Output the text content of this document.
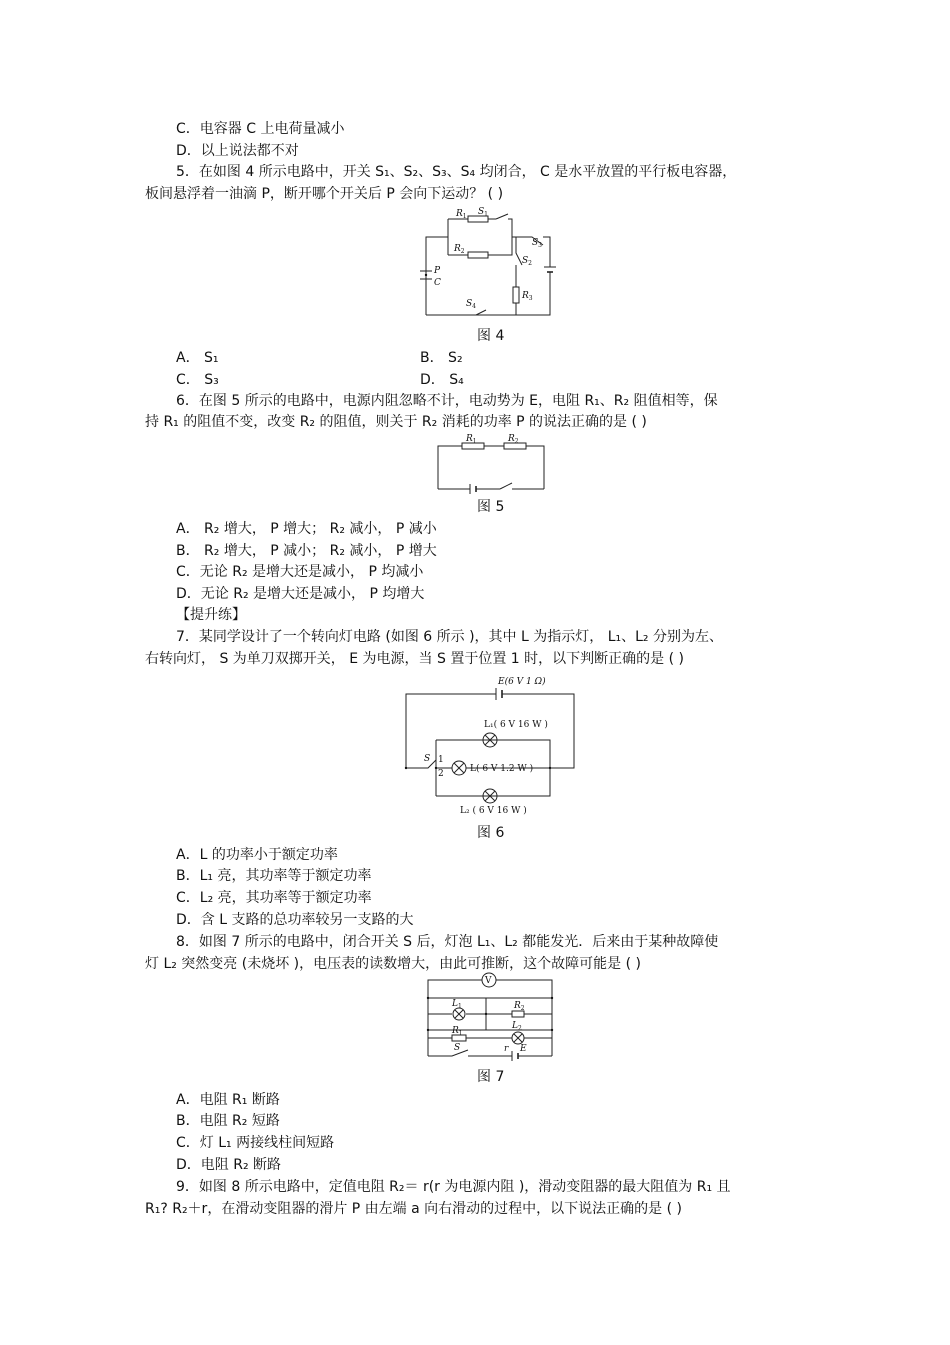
C．电容器 C 上电荷量减小
D．以上说法都不对
5．在如图 4 所示电路中，开关 S₁、S₂、S₃、S₄ 均闭合， C 是水平放置的平行板电容器，
板间悬浮着一油滴 P，断开哪个开关后 P 会向下运动？ ( )
$R_1$ $S_1$
$R_2$
$S_3$
$S_2$
$R_3$
P
C
$S_4$
图 4
A． S₁	B． S₂
C． S₃	D． S₄
6．在图 5 所示的电路中，电源内阻忽略不计，电动势为 E，电阻 R₁、R₂ 阻值相等，保
持 R₁ 的阻值不变，改变 R₂ 的阻值，则关于 R₂ 消耗的功率 P 的说法正确的是 ( )
$R_1$	$R_2$
图 5
A． R₂ 增大， P 增大； R₂ 减小， P 减小
B． R₂ 增大， P 减小； R₂ 减小， P 增大
C．无论 R₂ 是增大还是减小， P 均减小
D．无论 R₂ 是增大还是减小， P 均增大
【提升练】
7．某同学设计了一个转向灯电路 (如图 6 所示 )，其中 L 为指示灯， L₁、L₂ 分别为左、
右转向灯， S 为单刀双掷开关， E 为电源，当 S 置于位置 1 时，以下判断正确的是 ( )
E(6 V 1 Ω)
L₁( 6 V 16 W )
L( 6 V 1.2 W )
L₂ ( 6 V 16 W )
S 1
2
图 6
A．L 的功率小于额定功率
B．L₁ 亮，其功率等于额定功率
C．L₂ 亮，其功率等于额定功率
D．含 L 支路的总功率较另一支路的大
8．如图 7 所示的电路中，闭合开关 S 后，灯泡 L₁、L₂ 都能发光．后来由于某种故障使
灯 L₂ 突然变亮 (未烧坏 )，电压表的读数增大，由此可推断，这个故障可能是 ( )
V
$L_1$	$R_2$
$R_1$
$L_2$
S	r E
图 7
A．电阻 R₁ 断路
B．电阻 R₂ 短路
C．灯 L₁ 两接线柱间短路
D．电阻 R₂ 断路
9．如图 8 所示电路中，定值电阻 R₂＝ r(r 为电源内阻 )，滑动变阻器的最大阻值为 R₁ 且
R₁? R₂＋r，在滑动变阻器的滑片 P 由左端 a 向右滑动的过程中，以下说法正确的是 ( )
